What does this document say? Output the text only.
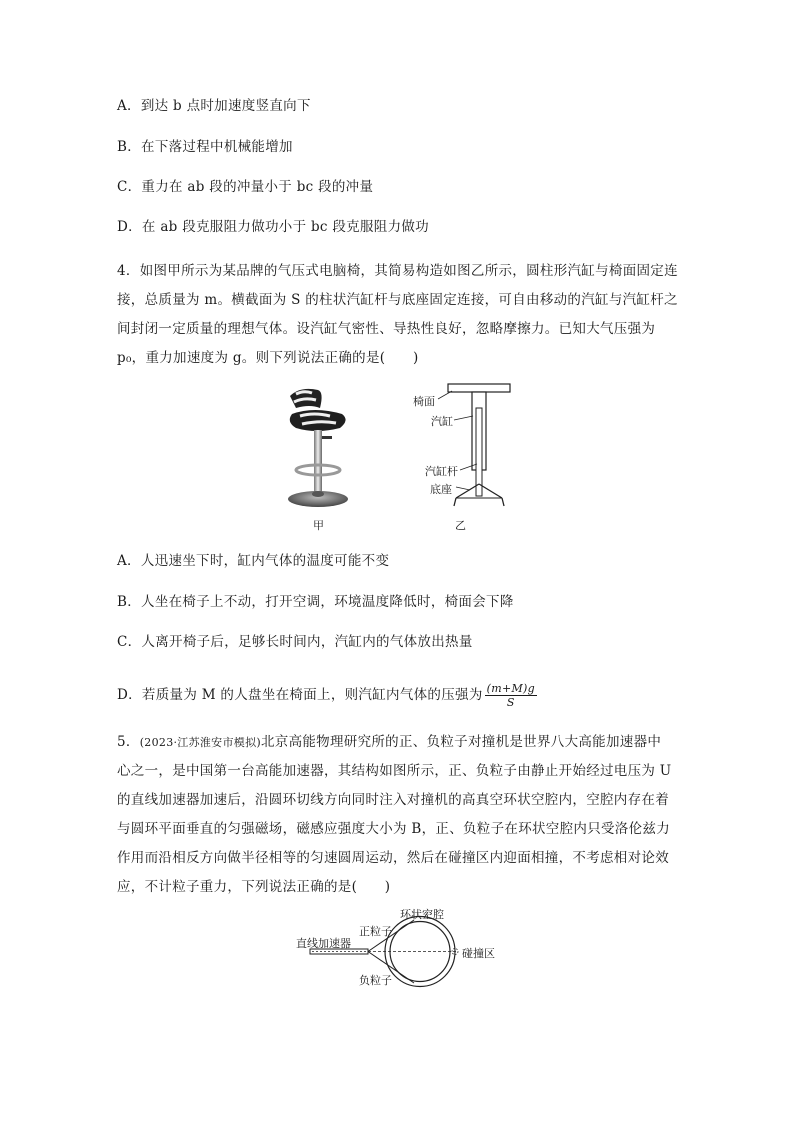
A．到达 b 点时加速度竖直向下
B．在下落过程中机械能增加
C．重力在 ab 段的冲量小于 bc 段的冲量
D．在 ab 段克服阻力做功小于 bc 段克服阻力做功
4．如图甲所示为某品牌的气压式电脑椅，其简易构造如图乙所示，圆柱形汽缸与椅面固定连
接，总质量为 m。横截面为 S 的柱状汽缸杆与底座固定连接，可自由移动的汽缸与汽缸杆之
间封闭一定质量的理想气体。设汽缸气密性、导热性良好，忽略摩擦力。已知大气压强为
p₀，重力加速度为 g。则下列说法正确的是(　　)
甲
椅面
汽缸
汽缸杆
底座
乙
A．人迅速坐下时，缸内气体的温度可能不变
B．人坐在椅子上不动，打开空调，环境温度降低时，椅面会下降
C．人离开椅子后，足够长时间内，汽缸内的气体放出热量
D．若质量为 M 的人盘坐在椅面上，则汽缸内气体的压强为 $\frac{(m+M)g}{S}$
5．(2023·江苏淮安市模拟)北京高能物理研究所的正、负粒子对撞机是世界八大高能加速器中
心之一，是中国第一台高能加速器，其结构如图所示，正、负粒子由静止开始经过电压为 U
的直线加速器加速后，沿圆环切线方向同时注入对撞机的高真空环状空腔内，空腔内存在着
与圆环平面垂直的匀强磁场，磁感应强度大小为 B，正、负粒子在环状空腔内只受洛伦兹力
作用而沿相反方向做半径相等的匀速圆周运动，然后在碰撞区内迎面相撞，不考虑相对论效
应，不计粒子重力，下列说法正确的是(　　)
环状空腔
正粒子
直线加速器
碰撞区
负粒子
